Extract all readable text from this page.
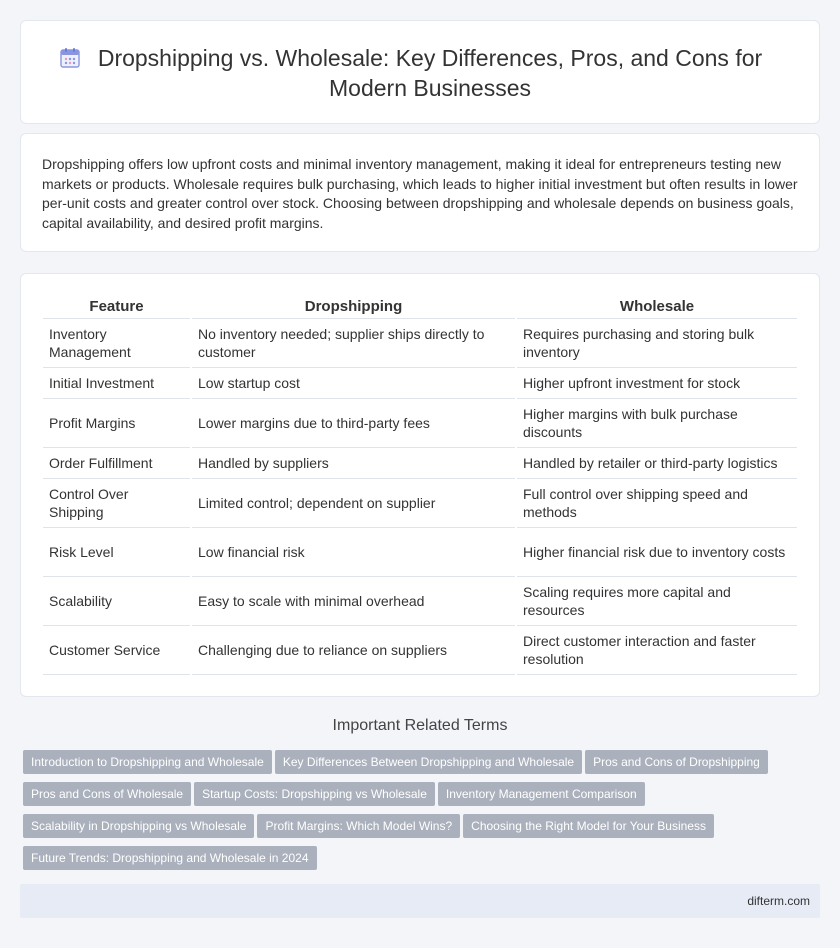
Dropshipping vs. Wholesale: Key Differences, Pros, and Cons for Modern Businesses

Dropshipping offers low upfront costs and minimal inventory management, making it ideal for entrepreneurs testing new markets or products. Wholesale requires bulk purchasing, which leads to higher initial investment but often results in lower per-unit costs and greater control over stock. Choosing between dropshipping and wholesale depends on business goals, capital availability, and desired profit margins.

Feature	Dropshipping	Wholesale
Inventory Management	No inventory needed; supplier ships directly to customer	Requires purchasing and storing bulk inventory
Initial Investment	Low startup cost	Higher upfront investment for stock
Profit Margins	Lower margins due to third-party fees	Higher margins with bulk purchase discounts
Order Fulfillment	Handled by suppliers	Handled by retailer or third-party logistics
Control Over Shipping	Limited control; dependent on supplier	Full control over shipping speed and methods
Risk Level	Low financial risk	Higher financial risk due to inventory costs
Scalability	Easy to scale with minimal overhead	Scaling requires more capital and resources
Customer Service	Challenging due to reliance on suppliers	Direct customer interaction and faster resolution
Important Related Terms
Introduction to Dropshipping and Wholesale Key Differences Between Dropshipping and Wholesale Pros and Cons of DropshippingPros and Cons of Wholesale Startup Costs: Dropshipping vs Wholesale Inventory Management ComparisonScalability in Dropshipping vs Wholesale Profit Margins: Which Model Wins? Choosing the Right Model for Your BusinessFuture Trends: Dropshipping and Wholesale in 2024
difterm.com
